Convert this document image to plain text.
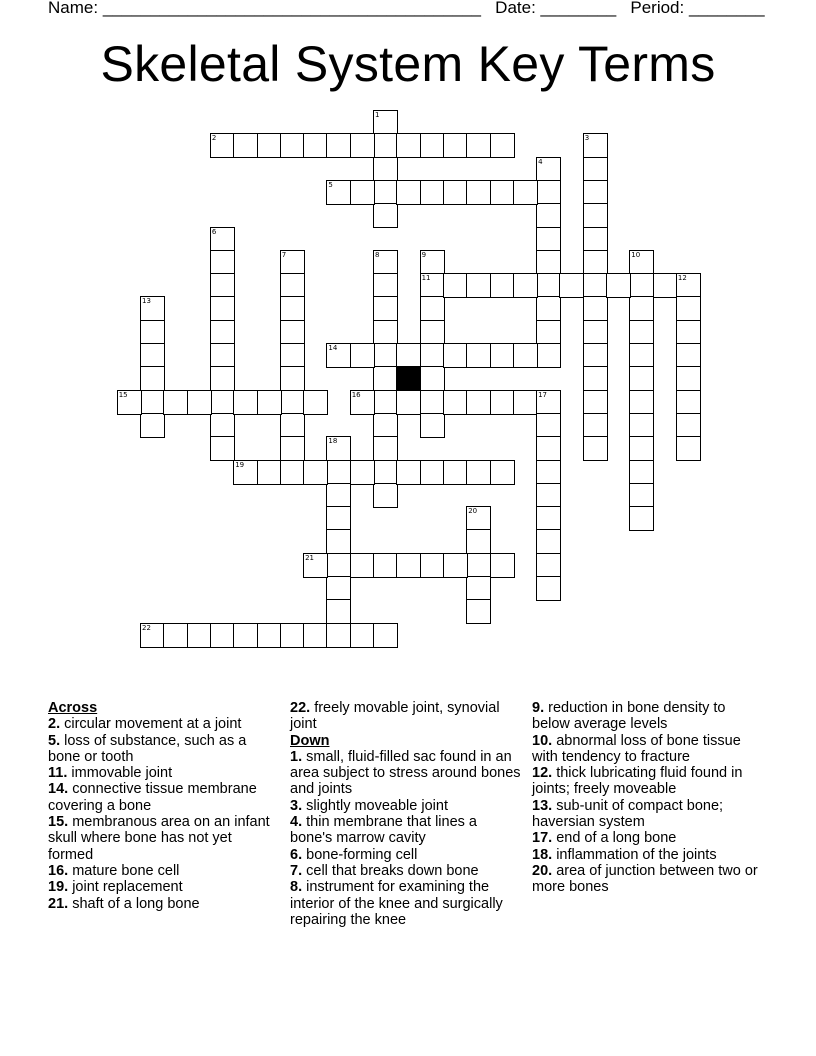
Name: ________________________________________ Date: ________ Period: ________
Skeletal System Key Terms
1
2	3
4
5
6
7	8	9
11
10
12
13
14
15	16	17
18
19
20
21
22
Across
2. circular movement at a joint
5. loss of substance, such as a bone or tooth
11. immovable joint
14. connective tissue membrane covering a bone
15. membranous area on an infant skull where bone has not yet formed
16. mature bone cell
19. joint replacement
21. shaft of a long bone
22. freely movable joint, synovial joint
Down
1. small, fluid-filled sac found in an area subject to stress around bones and joints
3. slightly moveable joint
4. thin membrane that lines a bone's marrow cavity
6. bone-forming cell
7. cell that breaks down bone
8. instrument for examining the interior of the knee and surgically repairing the knee
9. reduction in bone density to below average levels
10. abnormal loss of bone tissue with tendency to fracture
12. thick lubricating fluid found in joints; freely moveable
13. sub-unit of compact bone; haversian system
17. end of a long bone
18. inflammation of the joints
20. area of junction between two or more bones
